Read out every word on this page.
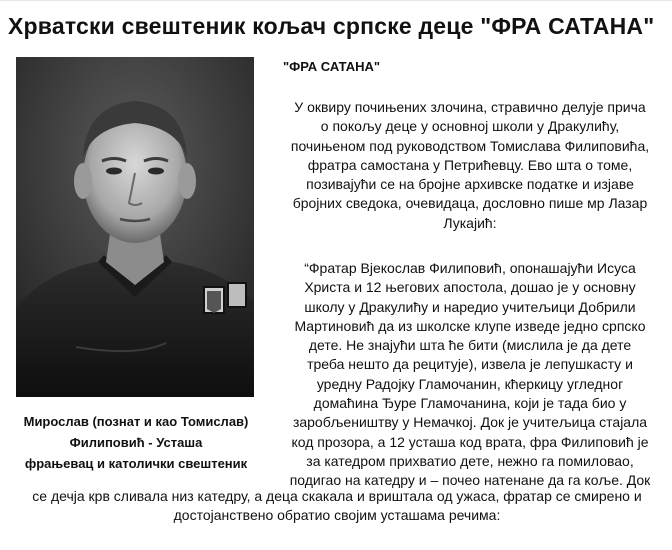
Хрватски свештеник кољач српске деце "ФРА САТАНА"
Мирослав (познат и као Томислав)
Филиповић - Усташа
фрањевац и католички свештеник
"ФРА САТАНА"
У оквиру почињених злочина, стравично делује прича
о покољу деце у основној школи у Дракулићу,
почињеном под руководством Томислава Филиповића,
фратра самостана у Петрићевцу. Ево шта о томе,
позивајући се на бројне архивске податке и изјаве
бројних сведока, очевидаца, дословно пише мр Лазар
Лукајић:
“Фратар Вјекослав Филиповић, опонашајући Исуса
Христа и 12 његових апостола, дошао је у основну
школу у Дракулићу и наредио учитељици Добрили
Мартиновић да из школске клупе изведе једно српско
дете. Не знајући шта ће бити (мислила је да дете
треба нешто да рецитује), извела је лепушкасту и
уредну Радојку Гламочанин, кћеркицу угледног
домаћина Ђуре Гламочанина, који је тада био у
заробљеништву у Немачкој. Док је учитељица стајала
код прозора, а 12 усташа код врата, фра Филиповић је
за катедром прихватио дете, нежно га помиловао,
подигао на катедру и – почео натенане да га коље. Док
се дечја крв сливала низ катедру, а деца скакала и вриштала од ужаса, фратар се смирено и
достојанствено обратио својим усташама речима:
